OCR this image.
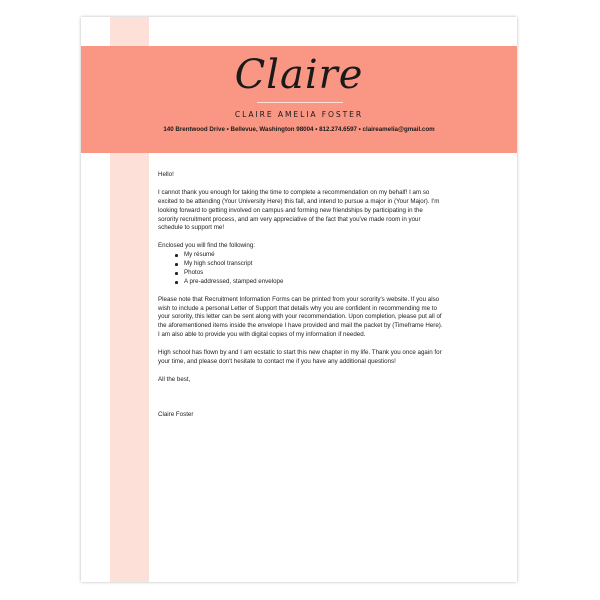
Claire
CLAIRE AMELIA FOSTER
140 Brentwood Drive • Bellevue, Washington 98004 • 812.274.6597 • claireamelia@gmail.com

Hello!

I cannot thank you enough for taking the time to complete a recommendation on my behalf! I am so excited to be attending (Your University Here) this fall, and intend to pursue a major in (Your Major). I'm looking forward to getting involved on campus and forming new friendships by participating in the sorority recruitment process, and am very appreciative of the fact that you've made room in your schedule to support me!

Enclosed you will find the following:

My résumé
My high school transcript
Photos
A pre-addressed, stamped envelope

Please note that Recruitment Information Forms can be printed from your sorority's website. If you also wish to include a personal Letter of Support that details why you are confident in recommending me to your sorority, this letter can be sent along with your recommendation. Upon completion, please put all of the aforementioned items inside the envelope I have provided and mail the packet by (Timeframe Here). I am also able to provide you with digital copies of my information if needed.

High school has flown by and I am ecstatic to start this new chapter in my life. Thank you once again for your time, and please don't hesitate to contact me if you have any additional questions!

All the best,

Claire Foster
